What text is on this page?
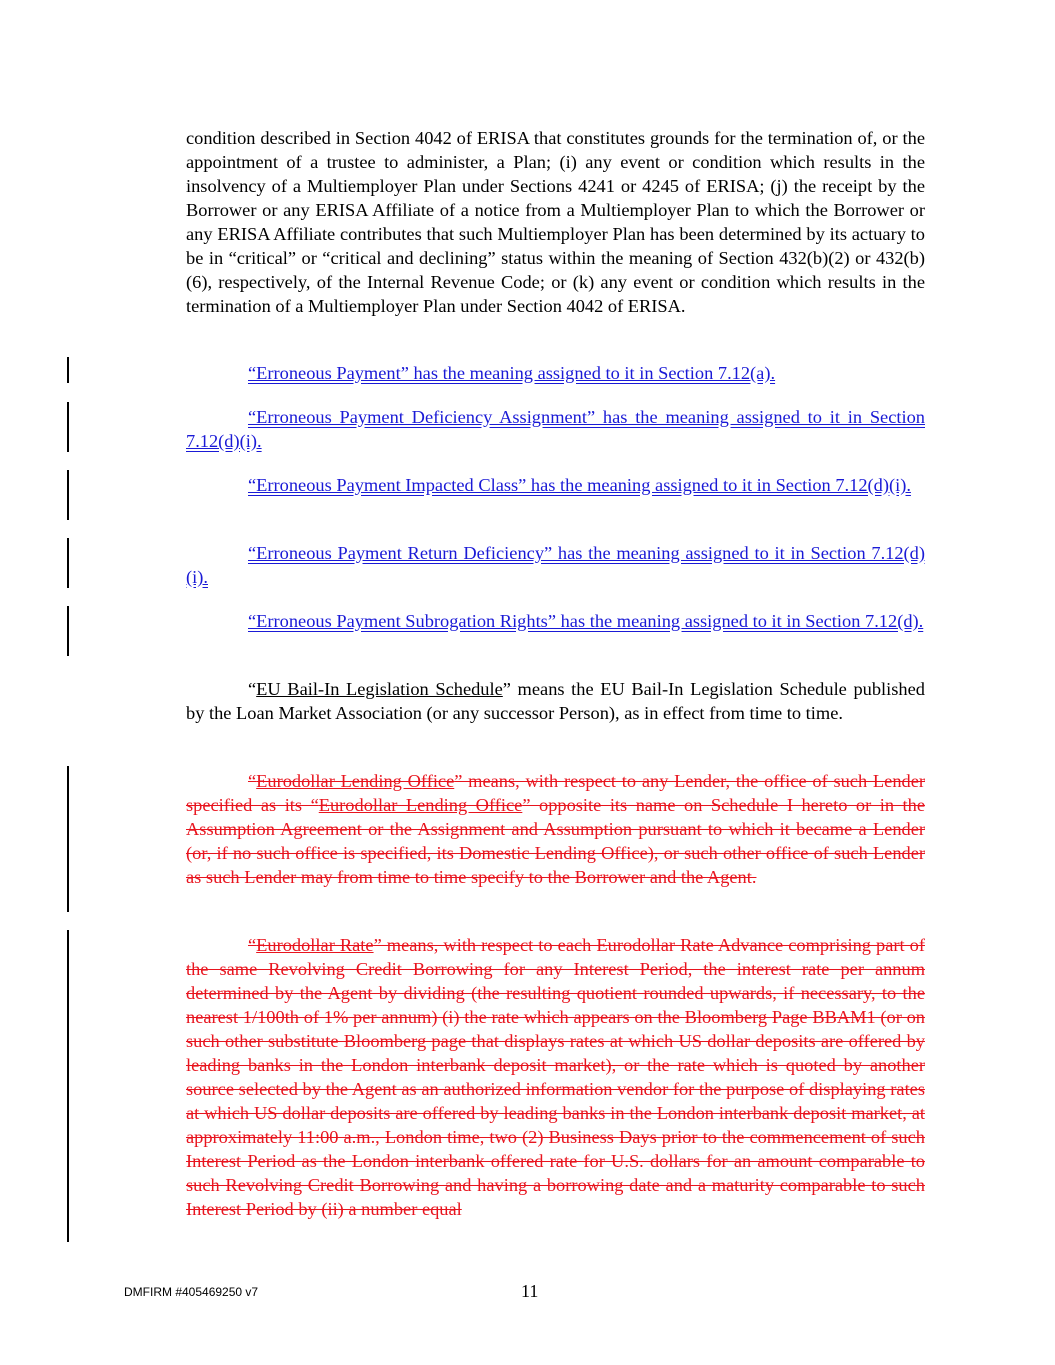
condition described in Section 4042 of ERISA that constitutes grounds for the termination of, or the appointment of a trustee to administer, a Plan; (i) any event or condition which results in the insolvency of a Multiemployer Plan under Sections 4241 or 4245 of ERISA; (j) the receipt by the Borrower or any ERISA Affiliate of a notice from a Multiemployer Plan to which the Borrower or any ERISA Affiliate contributes that such Multiemployer Plan has been determined by its actuary to be in “critical” or “critical and declining” status within the meaning of Section 432(b)(2) or 432(b)(6), respectively, of the Internal Revenue Code; or (k) any event or condition which results in the termination of a Multiemployer Plan under Section 4042 of ERISA.

“Erroneous Payment” has the meaning assigned to it in Section 7.12(a).

“Erroneous Payment Deficiency Assignment” has the meaning assigned to it in Section 7.12(d)(i).

“Erroneous Payment Impacted Class” has the meaning assigned to it in Section 7.12(d)(i).

“Erroneous Payment Return Deficiency” has the meaning assigned to it in Section 7.12(d)(i).

“Erroneous Payment Subrogation Rights” has the meaning assigned to it in Section 7.12(d).

“EU Bail-In Legislation Schedule” means the EU Bail-In Legislation Schedule published by the Loan Market Association (or any successor Person), as in effect from time to time.

“Eurodollar Lending Office” means, with respect to any Lender, the office of such Lender specified as its “Eurodollar Lending Office” opposite its name on Schedule I hereto or in the Assumption Agreement or the Assignment and Assumption pursuant to which it became a Lender (or, if no such office is specified, its Domestic Lending Office), or such other office of such Lender as such Lender may from time to time specify to the Borrower and the Agent.

“Eurodollar Rate” means, with respect to each Eurodollar Rate Advance comprising part of the same Revolving Credit Borrowing for any Interest Period, the interest rate per annum determined by the Agent by dividing (the resulting quotient rounded upwards, if necessary, to the nearest 1/100th of 1% per annum) (i) the rate which appears on the Bloomberg Page BBAM1 (or on such other substitute Bloomberg page that displays rates at which US dollar deposits are offered by leading banks in the London interbank deposit market), or the rate which is quoted by another source selected by the Agent as an authorized information vendor for the purpose of displaying rates at which US dollar deposits are offered by leading banks in the London interbank deposit market, at approximately 11:00 a.m., London time, two (2) Business Days prior to the commencement of such Interest Period as the London interbank offered rate for U.S. dollars for an amount comparable to such Revolving Credit Borrowing and having a borrowing date and a maturity comparable to such Interest Period by (ii) a number equal

DMFIRM #405469250 v7	11
